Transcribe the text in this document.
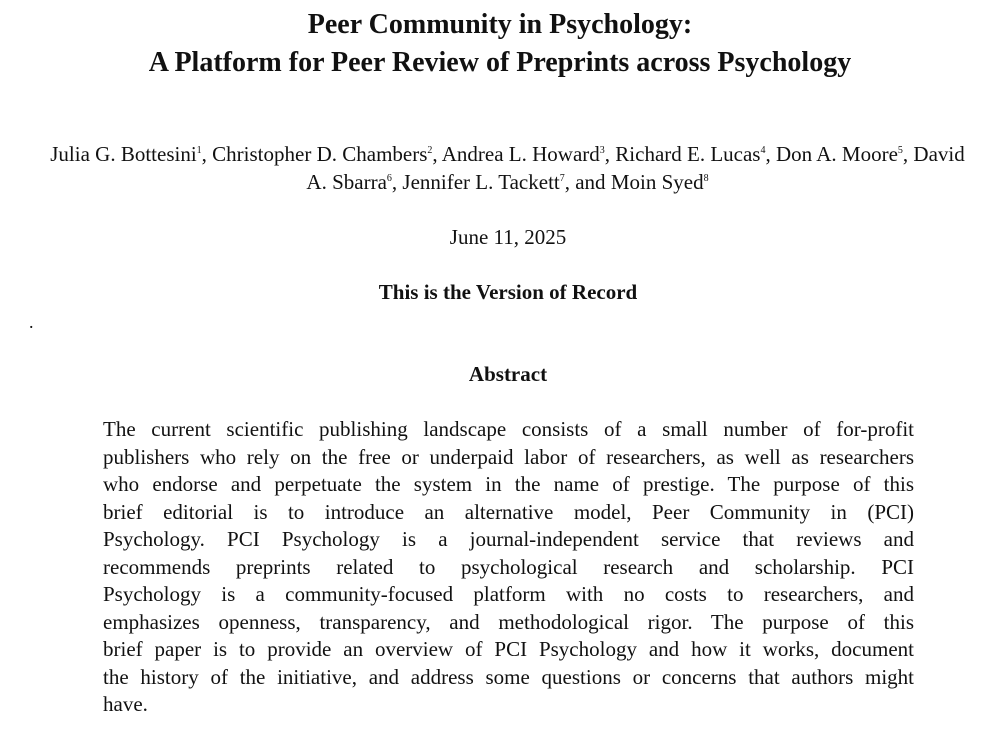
Peer Community in Psychology:
A Platform for Peer Review of Preprints across Psychology
Julia G. Bottesini$^1$, Christopher D. Chambers$^2$, Andrea L. Howard$^3$, Richard E. Lucas$^4$, Don A. Moore$^5$, David A. Sbarra$^6$, Jennifer L. Tackett$^7$, and Moin Syed$^8$
June 11, 2025
This is the Version of Record
.
Abstract
The current scientific publishing landscape consists of a small number of for-profit
publishers who rely on the free or underpaid labor of researchers, as well as researchers
who endorse and perpetuate the system in the name of prestige. The purpose of this
brief editorial is to introduce an alternative model, Peer Community in (PCI)
Psychology. PCI Psychology is a journal-independent service that reviews and
recommends preprints related to psychological research and scholarship. PCI
Psychology is a community-focused platform with no costs to researchers, and
emphasizes openness, transparency, and methodological rigor. The purpose of this
brief paper is to provide an overview of PCI Psychology and how it works, document
the history of the initiative, and address some questions or concerns that authors might
have.
